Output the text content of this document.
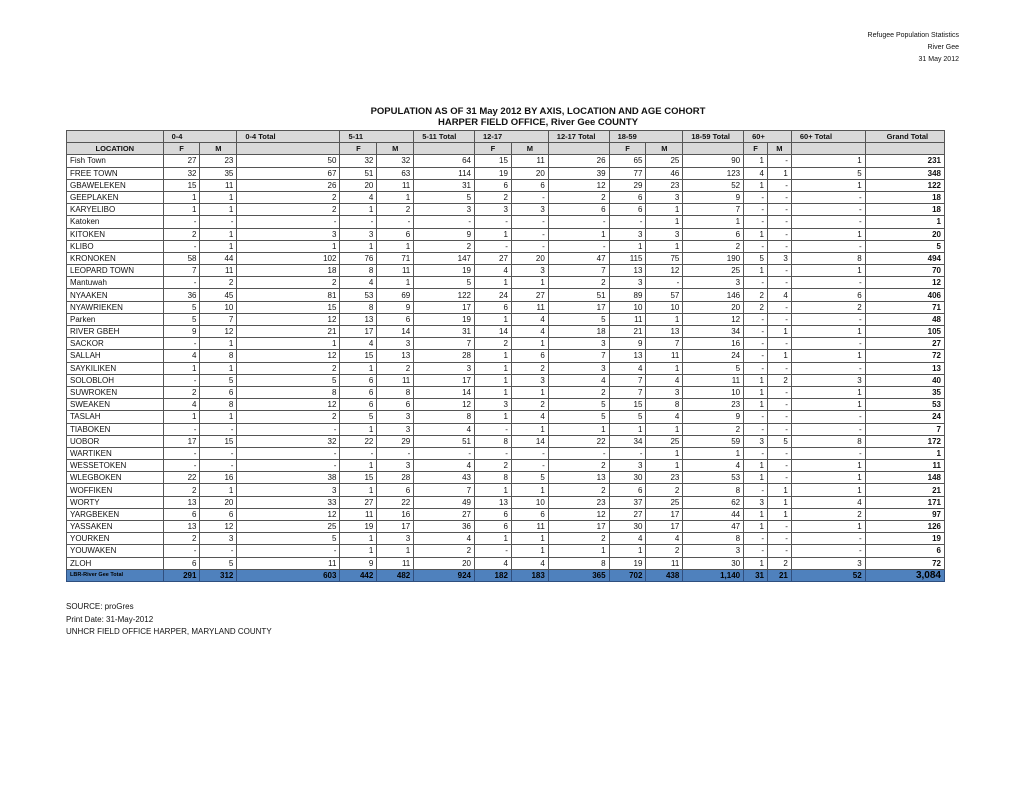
Refugee Population Statistics
River Gee
31 May 2012
POPULATION AS OF 31 May 2012 BY AXIS, LOCATION AND AGE COHORT
HARPER FIELD OFFICE, River Gee COUNTY
	0-4		0-4 Total	5-11		5-11 Total	12-17		12-17 Total	18-59		18-59 Total	60+		60+ Total	Grand Total
LOCATION	F	M		F	M		F	M		F	M		F	M		
Fish Town	27	23	50	32	32	64	15	11	26	65	25	90	1	-	1	231
FREE TOWN	32	35	67	51	63	114	19	20	39	77	46	123	4	1	5	348
GBAWELEKEN	15	11	26	20	11	31	6	6	12	29	23	52	1	-	1	122
GEEPLAKEN	1	1	2	4	1	5	2	-	2	6	3	9	-	-	-	18
KARYELIBO	1	1	2	1	2	3	3	3	6	6	1	7	-	-	-	18
Katoken	-	-	-	-	-	-	-	-	-	-	1	1	-	-	-	1
KITOKEN	2	1	3	3	6	9	1	-	1	3	3	6	1	-	1	20
KLIBO	-	1	1	1	1	2	-	-	-	1	1	2	-	-	-	5
KRONOKEN	58	44	102	76	71	147	27	20	47	115	75	190	5	3	8	494
LEOPARD TOWN	7	11	18	8	11	19	4	3	7	13	12	25	1	-	1	70
Mantuwah	-	2	2	4	1	5	1	1	2	3	-	3	-	-	-	12
NYAAKEN	36	45	81	53	69	122	24	27	51	89	57	146	2	4	6	406
NYAWRIEKEN	5	10	15	8	9	17	6	11	17	10	10	20	2	-	2	71
Parken	5	7	12	13	6	19	1	4	5	11	1	12	-	-	-	48
RIVER GBEH	9	12	21	17	14	31	14	4	18	21	13	34	-	1	1	105
SACKOR	-	1	1	4	3	7	2	1	3	9	7	16	-	-	-	27
SALLAH	4	8	12	15	13	28	1	6	7	13	11	24	-	1	1	72
SAYKILIKEN	1	1	2	1	2	3	1	2	3	4	1	5	-	-	-	13
SOLOBLOH	-	5	5	6	11	17	1	3	4	7	4	11	1	2	3	40
SUWROKEN	2	6	8	6	8	14	1	1	2	7	3	10	1	-	1	35
SWEAKEN	4	8	12	6	6	12	3	2	5	15	8	23	1	-	1	53
TASLAH	1	1	2	5	3	8	1	4	5	5	4	9	-	-	-	24
TIABOKEN	-	-	-	1	3	4	-	1	1	1	1	2	-	-	-	7
UOBOR	17	15	32	22	29	51	8	14	22	34	25	59	3	5	8	172
WARTIKEN	-	-	-	-	-	-	-	-	-	-	1	1	-	-	-	1
WESSETOKEN	-	-	-	1	3	4	2	-	2	3	1	4	1	-	1	11
WLEGBOKEN	22	16	38	15	28	43	8	5	13	30	23	53	1	-	1	148
WOFFIKEN	2	1	3	1	6	7	1	1	2	6	2	8	-	1	1	21
WORTY	13	20	33	27	22	49	13	10	23	37	25	62	3	1	4	171
YARGBEKEN	6	6	12	11	16	27	6	6	12	27	17	44	1	1	2	97
YASSAKEN	13	12	25	19	17	36	6	11	17	30	17	47	1	-	1	126
YOURKEN	2	3	5	1	3	4	1	1	2	4	4	8	-	-	-	19
YOUWAKEN	-	-	-	1	1	2	-	1	1	1	2	3	-	-	-	6
ZLOH	6	5	11	9	11	20	4	4	8	19	11	30	1	2	3	72
LBR-River Gee Total	291	312	603	442	482	924	182	183	365	702	438	1,140	31	21	52	3,084
SOURCE: proGres
Print Date: 31-May-2012
UNHCR FIELD OFFICE HARPER, MARYLAND COUNTY
